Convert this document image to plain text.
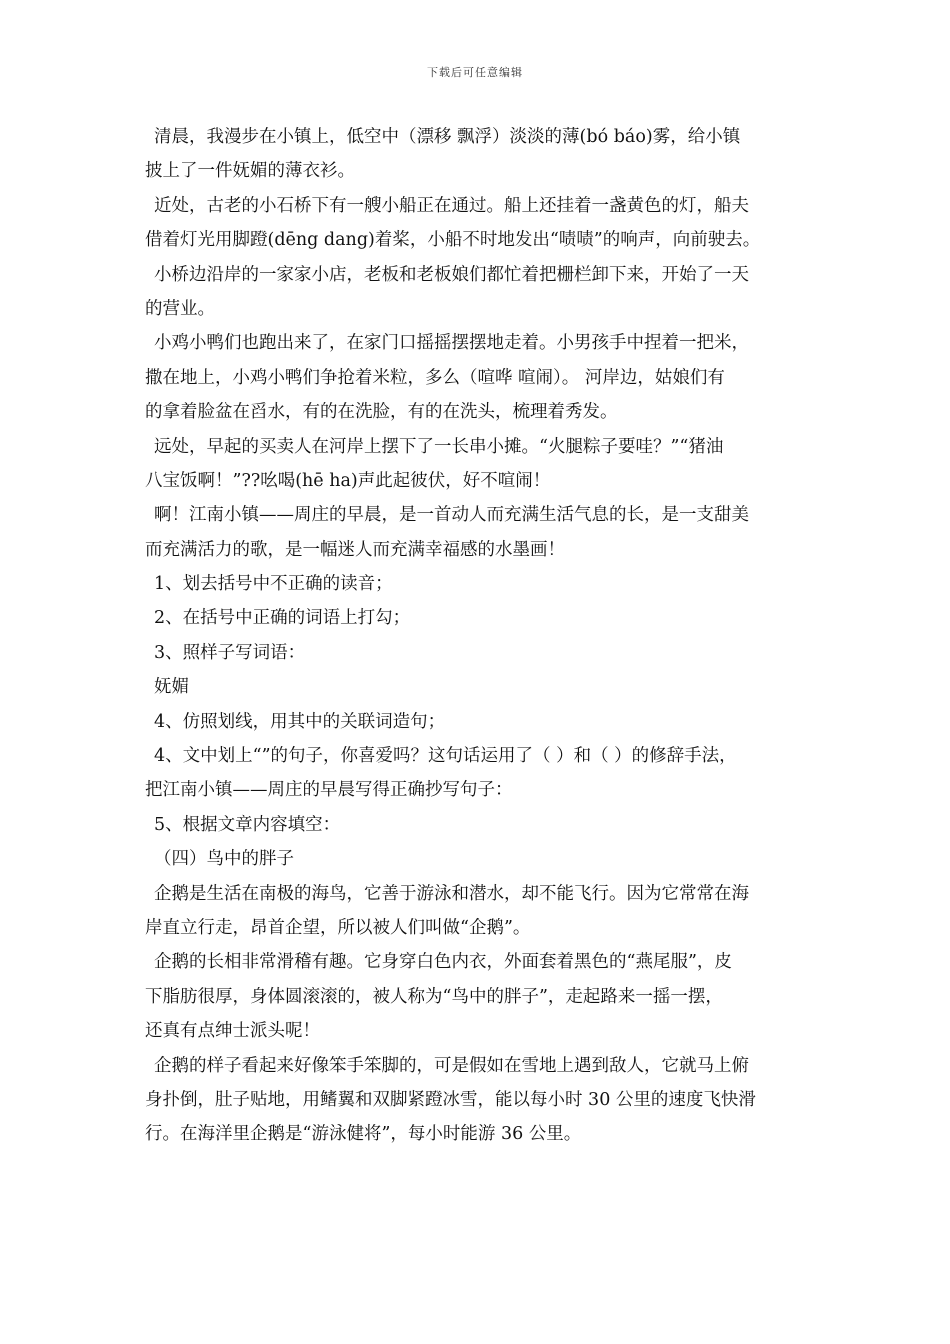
下载后可任意编辑
清晨，我漫步在小镇上，低空中（漂移 飘浮）淡淡的薄(bó báo)雾，给小镇
披上了一件妩媚的薄衣衫。
近处，古老的小石桥下有一艘小船正在通过。船上还挂着一盏黄色的灯，船夫
借着灯光用脚蹬(dēng dang)着桨，小船不时地发出“啧啧”的响声，向前驶去。
小桥边沿岸的一家家小店，老板和老板娘们都忙着把栅栏卸下来，开始了一天
的营业。
小鸡小鸭们也跑出来了，在家门口摇摇摆摆地走着。小男孩手中捏着一把米，
撒在地上，小鸡小鸭们争抢着米粒，多么（喧哗 喧闹）。 河岸边，姑娘们有
的拿着脸盆在舀水，有的在洗脸，有的在洗头，梳理着秀发。
远处，早起的买卖人在河岸上摆下了一长串小摊。“火腿粽子要哇？”“猪油
八宝饭啊！”??吆喝(hē ha)声此起彼伏，好不喧闹！
啊！江南小镇——周庄的早晨，是一首动人而充满生活气息的长，是一支甜美
而充满活力的歌，是一幅迷人而充满幸福感的水墨画！
1、划去括号中不正确的读音；
2、在括号中正确的词语上打勾；
3、照样子写词语：
妩媚
4、仿照划线，用其中的关联词造句；
4、文中划上“”的句子，你喜爱吗？这句话运用了（ ）和（ ）的修辞手法，
把江南小镇——周庄的早晨写得正确抄写句子：
5、根据文章内容填空：
（四）鸟中的胖子
企鹅是生活在南极的海鸟，它善于游泳和潜水，却不能飞行。因为它常常在海
岸直立行走，昂首企望，所以被人们叫做“企鹅”。
企鹅的长相非常滑稽有趣。它身穿白色内衣，外面套着黑色的“燕尾服”，皮
下脂肪很厚，身体圆滚滚的，被人称为“鸟中的胖子”，走起路来一摇一摆，
还真有点绅士派头呢！
企鹅的样子看起来好像笨手笨脚的，可是假如在雪地上遇到敌人，它就马上俯
身扑倒，肚子贴地，用鳍翼和双脚紧蹬冰雪，能以每小时 30 公里的速度飞快滑
行。在海洋里企鹅是“游泳健将”，每小时能游 36 公里。
